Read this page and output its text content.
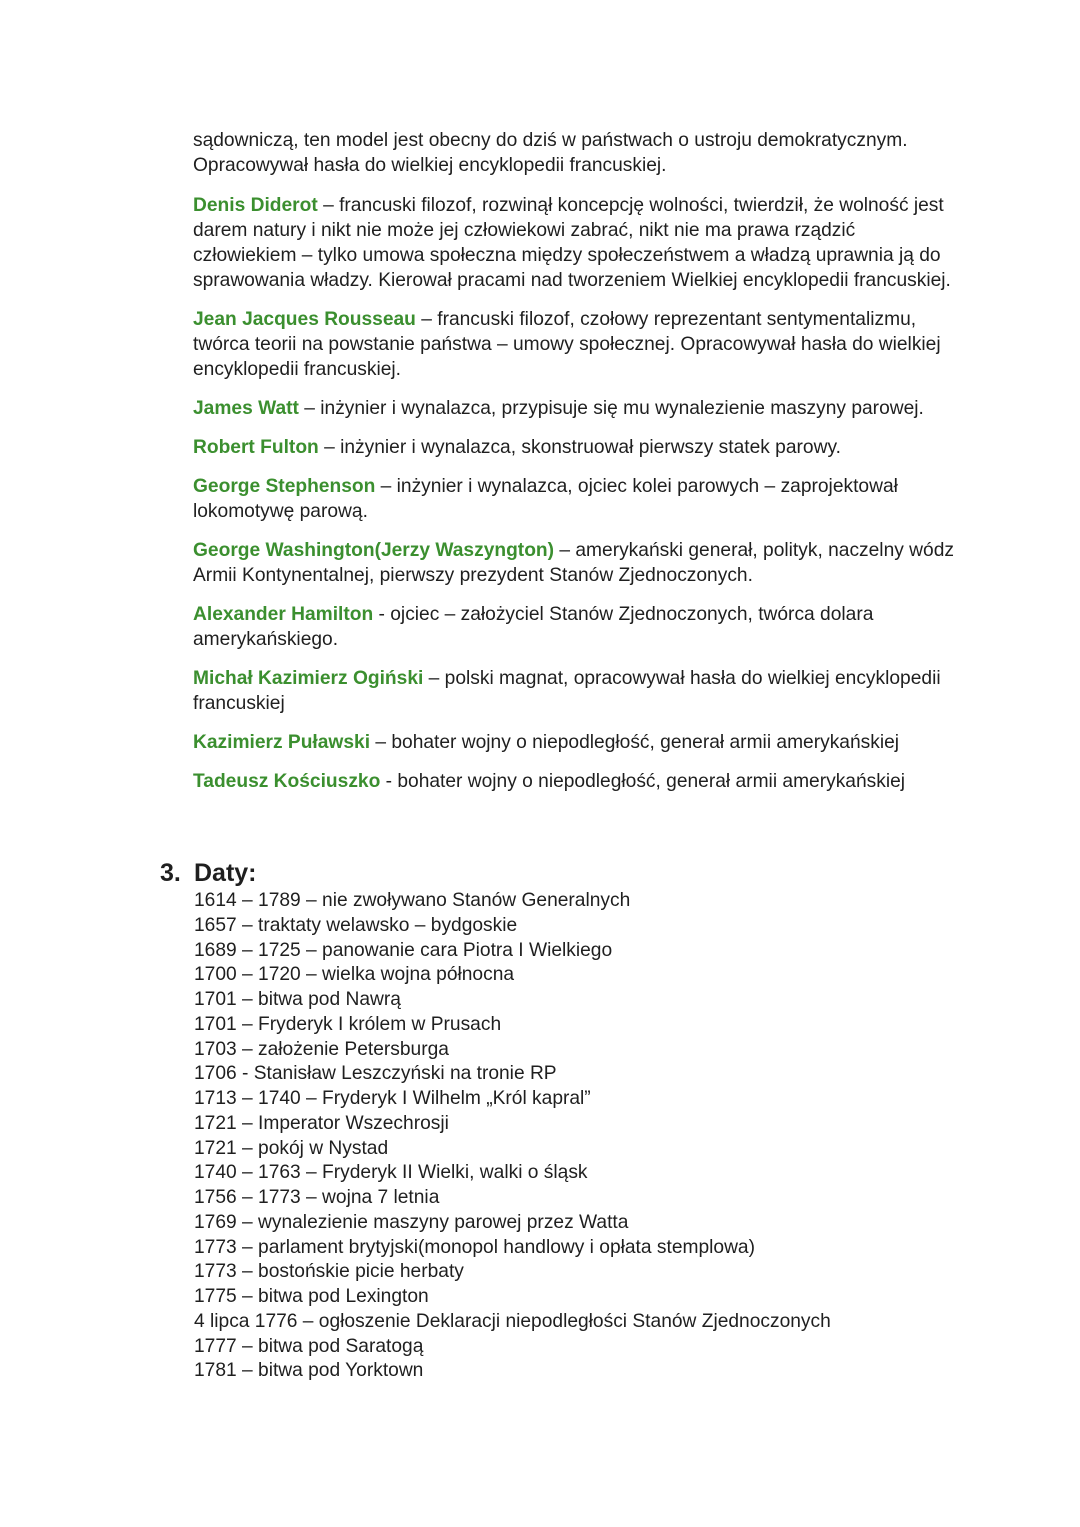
sądowniczą, ten model jest obecny do dziś w państwach o ustroju demokratycznym.
Opracowywał hasła do wielkiej encyklopedii francuskiej.

Denis Diderot – francuski filozof, rozwinął koncepcję wolności, twierdził, że wolność jest darem natury i nikt nie może jej człowiekowi zabrać, nikt nie ma prawa rządzić człowiekiem – tylko umowa społeczna między społeczeństwem a władzą uprawnia ją do sprawowania władzy. Kierował pracami nad tworzeniem Wielkiej encyklopedii francuskiej.

Jean Jacques Rousseau – francuski filozof, czołowy reprezentant sentymentalizmu, twórca teorii na powstanie państwa – umowy społecznej. Opracowywał hasła do wielkiej encyklopedii francuskiej.

James Watt – inżynier i wynalazca, przypisuje się mu wynalezienie maszyny parowej.

Robert Fulton – inżynier i wynalazca, skonstruował pierwszy statek parowy.

George Stephenson – inżynier i wynalazca, ojciec kolei parowych – zaprojektował lokomotywę parową.

George Washington(Jerzy Waszyngton) – amerykański generał, polityk, naczelny wódz Armii Kontynentalnej, pierwszy prezydent Stanów Zjednoczonych.

Alexander Hamilton - ojciec – założyciel Stanów Zjednoczonych, twórca dolara amerykańskiego.

Michał Kazimierz Ogiński – polski magnat, opracowywał hasła do wielkiej encyklopedii francuskiej

Kazimierz Puławski – bohater wojny o niepodległość, generał armii amerykańskiej

Tadeusz Kościuszko - bohater wojny o niepodległość, generał armii amerykańskiej

3. Daty:
1614 – 1789 – nie zwoływano Stanów Generalnych
1657 – traktaty welawsko – bydgoskie
1689 – 1725 – panowanie cara Piotra I Wielkiego
1700 – 1720 – wielka wojna północna
1701 – bitwa pod Nawrą
1701 – Fryderyk I królem w Prusach
1703 – założenie Petersburga
1706 - Stanisław Leszczyński na tronie RP
1713 – 1740 – Fryderyk I Wilhelm „Król kapral”
1721 – Imperator Wszechrosji
1721 – pokój w Nystad
1740 – 1763 – Fryderyk II Wielki, walki o śląsk
1756 – 1773 – wojna 7 letnia
1769 – wynalezienie maszyny parowej przez Watta
1773 – parlament brytyjski(monopol handlowy i opłata stemplowa)
1773 – bostońskie picie herbaty
1775 – bitwa pod Lexington
4 lipca 1776 – ogłoszenie Deklaracji niepodległości Stanów Zjednoczonych
1777 – bitwa pod Saratogą
1781 – bitwa pod Yorktown
